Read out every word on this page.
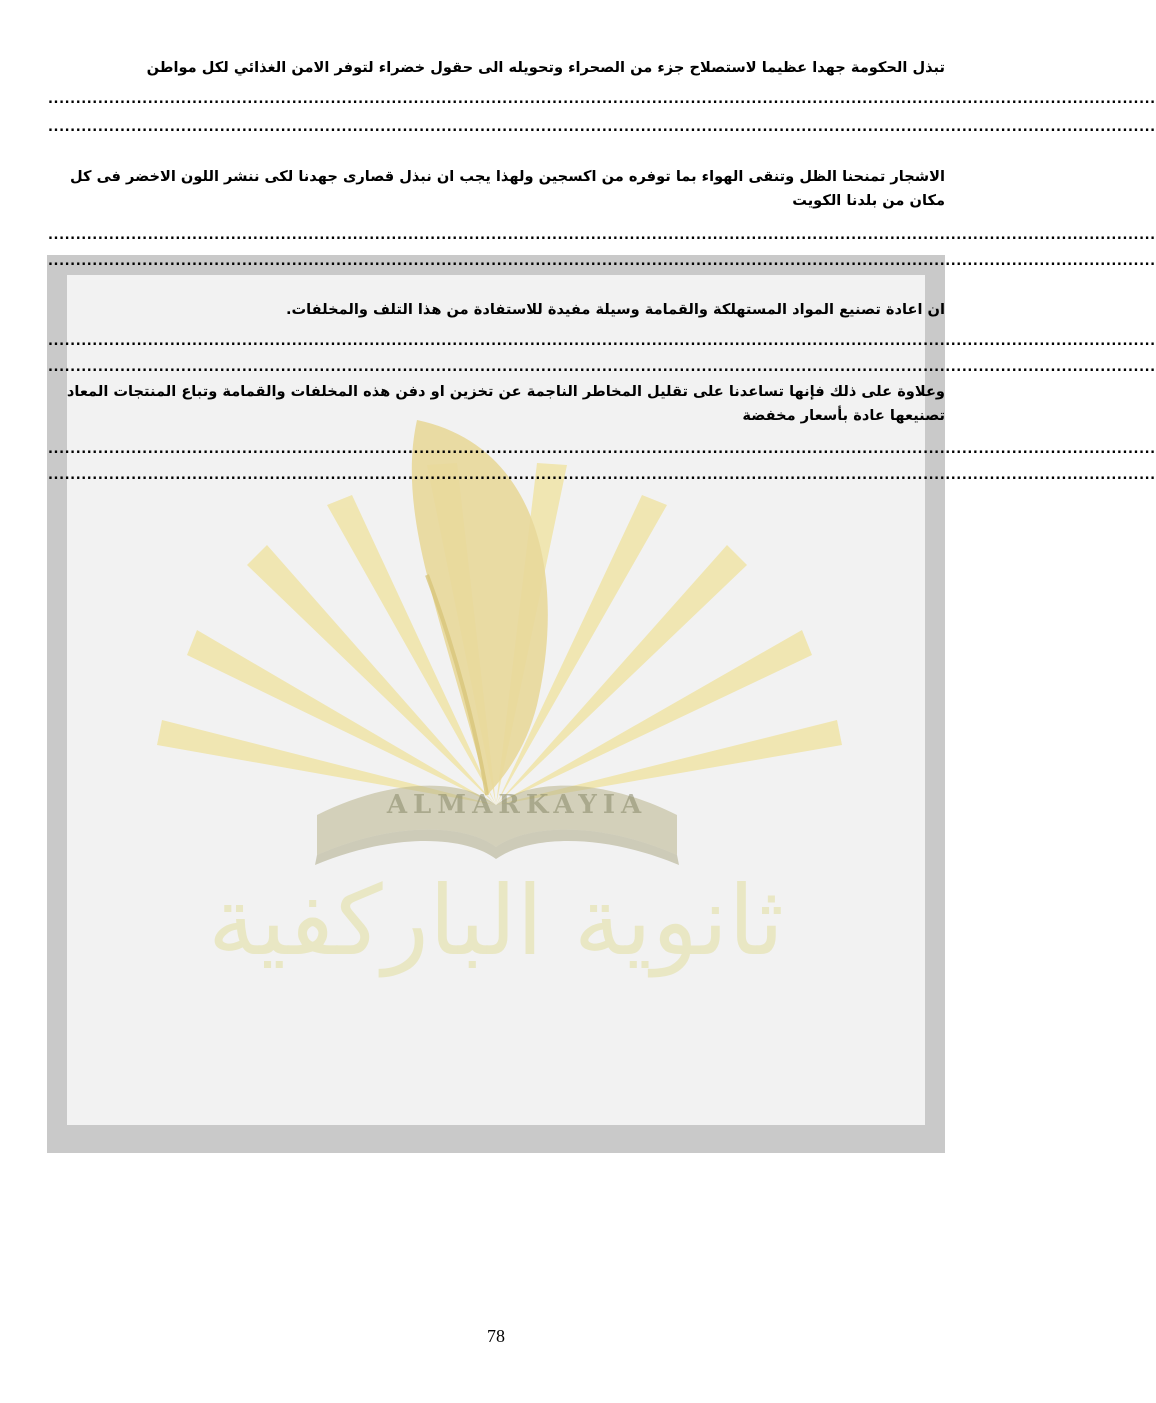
ALMARKAYIA
ثانوية الباركفية
تبذل الحكومة جهدا عظيما لاستصلاح جزء من الصحراء وتحويله الى حقول خضراء لتوفر الامن الغذائي لكل مواطن
........................................................................................................................................................................................................
........................................................................................................................................................................................................
الاشجار تمنحنا الظل وتنقى الهواء بما توفره من اكسجين ولهذا يجب ان نبذل قصارى جهدنا لكى ننشر اللون الاخضر فى كل مكان من بلدنا الكويت
........................................................................................................................................................................................................
........................................................................................................................................................................................................
ان اعادة تصنيع المواد المستهلكة والقمامة وسيلة مفيدة للاستفادة من هذا التلف والمخلفات.
........................................................................................................................................................................................................
........................................................................................................................................................................................................
وعلاوة على ذلك فإنها تساعدنا على تقليل المخاطر الناجمة عن تخزين او دفن هذه المخلفات والقمامة وتباع المنتجات المعاد تصنيعها عادة بأسعار مخفضة
........................................................................................................................................................................................................
........................................................................................................................................................................................................
78
